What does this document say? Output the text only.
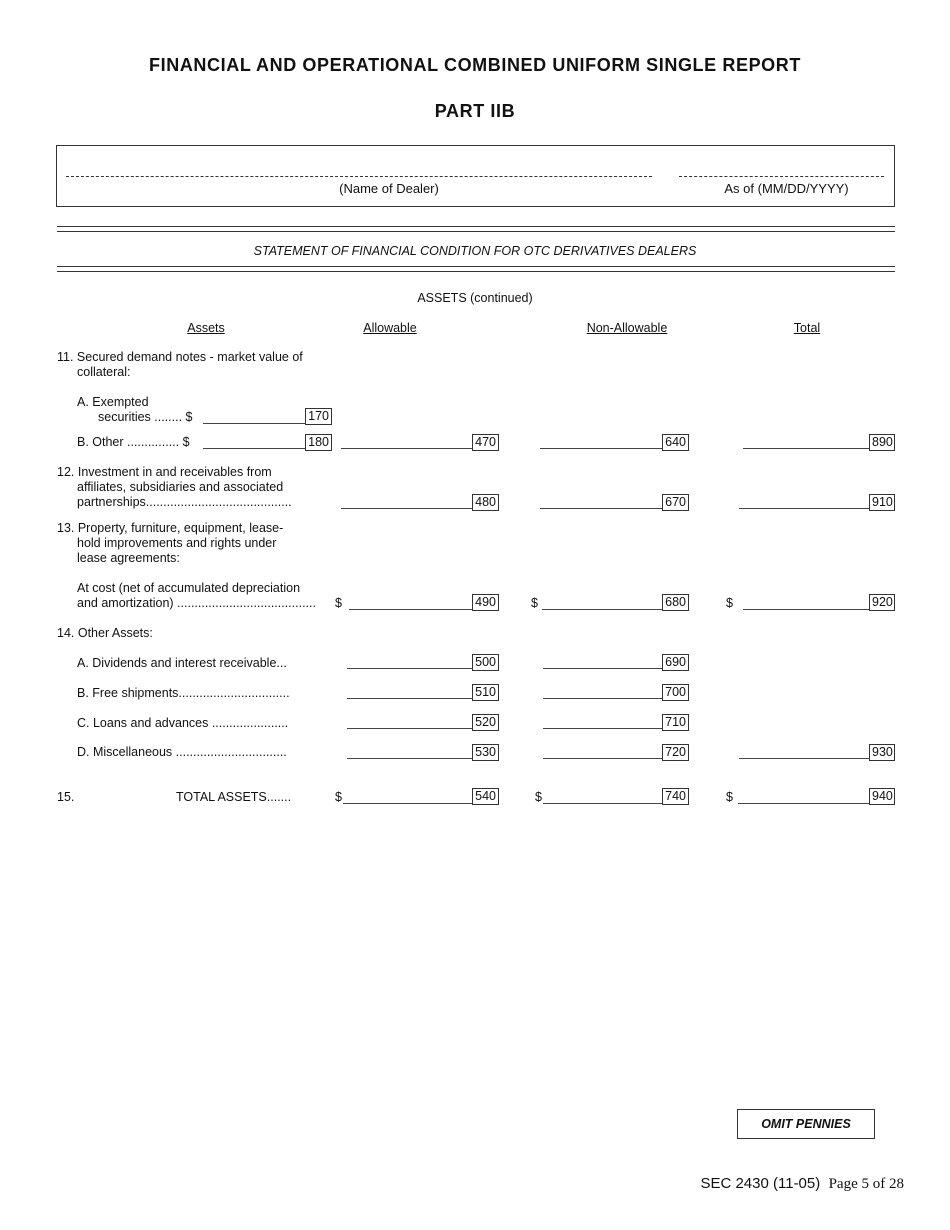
FINANCIAL AND OPERATIONAL COMBINED UNIFORM SINGLE REPORT
PART IIB
(Name of Dealer)	As of (MM/DD/YYYY)
STATEMENT OF FINANCIAL CONDITION FOR OTC DERIVATIVES DEALERS
ASSETS (continued)
Assets	Allowable	Non-Allowable	Total
11. Secured demand notes - market value of
collateral:
A. Exempted
securities ........ $	170
B. Other ............... $	180	470	640	890
12. Investment in and receivables from
affiliates, subsidiaries and associated
partnerships..........................................	480	670	910
13. Property, furniture, equipment, lease-
hold improvements and rights under
lease agreements:
At cost (net of accumulated depreciation
and amortization) ........................................ $	490	$	680	$	920
14. Other Assets:
A. Dividends and interest receivable...	500	690
B. Free shipments................................	510	700
C. Loans and advances ......................	520	710
D. Miscellaneous ................................	530	720	930
15.	TOTAL ASSETS.......	$	540	$	740	$	940
OMIT PENNIES
SEC 2430 (11-05) Page 5 of 28
